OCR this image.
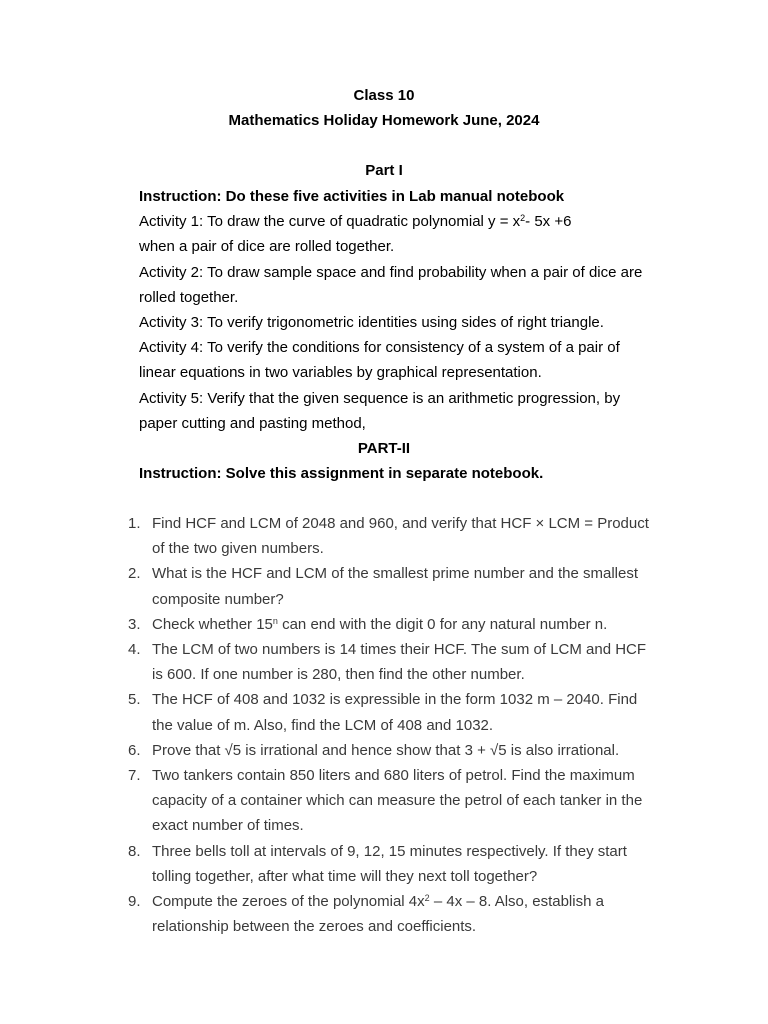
Class 10
Mathematics Holiday Homework June, 2024
Part I
Instruction: Do these five activities in Lab manual notebook
Activity 1: To draw the curve of quadratic polynomial $y = x^2-$ 5x +6
when a pair of dice are rolled together.
Activity 2: To draw sample space and find probability when a pair of dice are
rolled together.
Activity 3: To verify trigonometric identities using sides of right triangle.
Activity 4: To verify the conditions for consistency of a system of a pair of
linear equations in two variables by graphical representation.
Activity 5: Verify that the given sequence is an arithmetic progression, by
paper cutting and pasting method,
PART-II
Instruction: Solve this assignment in separate notebook.
1. Find HCF and LCM of 2048 and 960, and verify that HCF × LCM = Product
of the two given numbers.
2. What is the HCF and LCM of the smallest prime number and the smallest
composite number?
3. Check whether 15$^n$ can end with the digit 0 for any natural number n.
4. The LCM of two numbers is 14 times their HCF. The sum of LCM and HCF
is 600. If one number is 280, then find the other number.
5. The HCF of 408 and 1032 is expressible in the form 1032 m – 2040. Find
the value of m. Also, find the LCM of 408 and 1032.
6. Prove that √5 is irrational and hence show that 3 + √5 is also irrational.
7. Two tankers contain 850 liters and 680 liters of petrol. Find the maximum
capacity of a container which can measure the petrol of each tanker in the
exact number of times.
8. Three bells toll at intervals of 9, 12, 15 minutes respectively. If they start
tolling together, after what time will they next toll together?
9. Compute the zeroes of the polynomial $4x^2 - 4x - 8$. Also, establish a
relationship between the zeroes and coefficients.
